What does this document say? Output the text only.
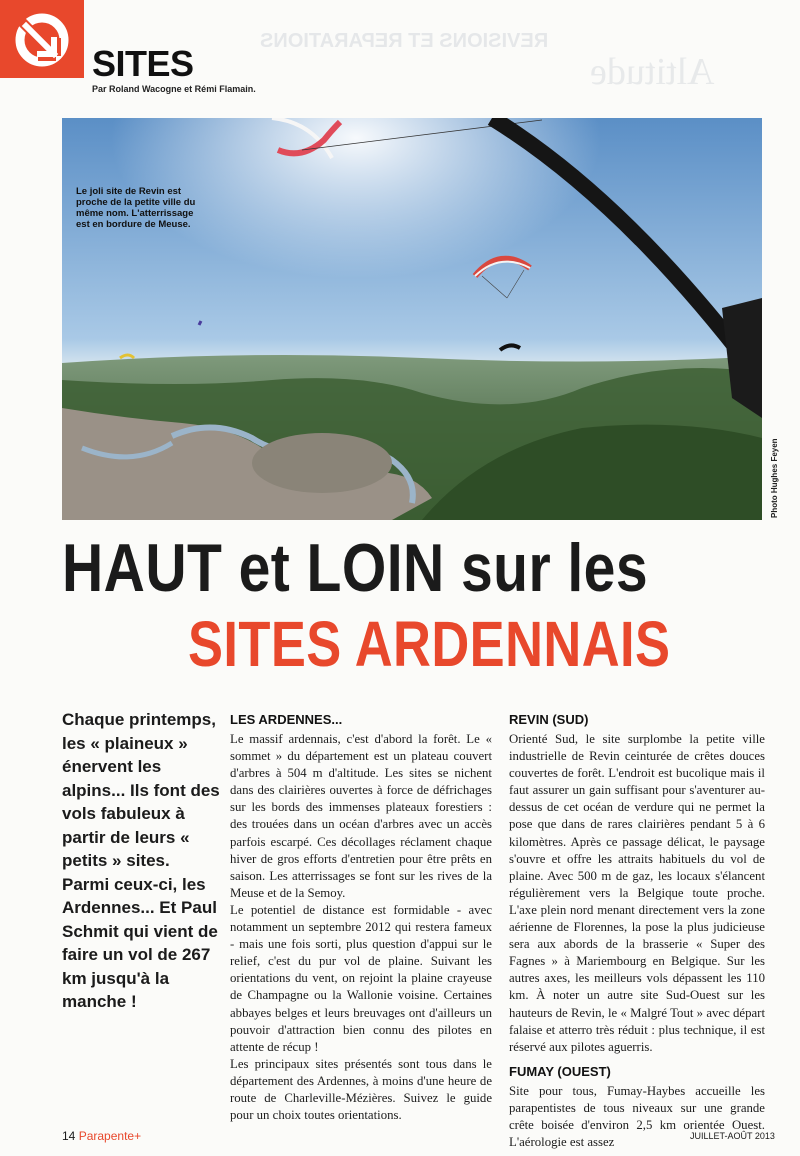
REVISIONS ET REPARATIONS
Altitude
SITES
Par Roland Wacogne et Rémi Flamain.
Le joli site de Revin est proche de la petite ville du même nom. L'atterrissage est en bordure de Meuse.
Photo Hughes Feyen
HAUT et LOIN sur les
SITES ARDENNAIS
Chaque printemps, les « plaineux » énervent les alpins... Ils font des vols fabuleux à partir de leurs « petits » sites. Parmi ceux-ci, les Ardennes... Et Paul Schmit qui vient de faire un vol de 267 km jusqu'à la manche !
LES ARDENNES...

Le massif ardennais, c'est d'abord la forêt. Le « sommet » du département est un plateau couvert d'arbres à 504 m d'altitude. Les sites se nichent dans des clairières ouvertes à force de défrichages sur les bords des immenses plateaux forestiers : des trouées dans un océan d'arbres avec un accès parfois escarpé. Ces décollages réclament chaque hiver de gros efforts d'entretien pour être prêts en saison. Les atterrissages se font sur les rives de la Meuse et de la Semoy.

Le potentiel de distance est formidable - avec notamment un septembre 2012 qui restera fameux - mais une fois sorti, plus question d'appui sur le relief, c'est du pur vol de plaine. Suivant les orientations du vent, on rejoint la plaine crayeuse de Champagne ou la Wallonie voisine. Certaines abbayes belges et leurs breuvages ont d'ailleurs un pouvoir d'attraction bien connu des pilotes en attente de récup !

Les principaux sites présentés sont tous dans le département des Ardennes, à moins d'une heure de route de Charleville-Mézières. Suivez le guide pour un choix toutes orientations.

REVIN (SUD)

Orienté Sud, le site surplombe la petite ville industrielle de Revin ceinturée de crêtes douces couvertes de forêt. L'endroit est bucolique mais il faut assurer un gain suffisant pour s'aventurer au-dessus de cet océan de verdure qui ne permet la pose que dans de rares clairières pendant 5 à 6 kilomètres. Après ce passage délicat, le paysage s'ouvre et offre les attraits habituels du vol de plaine. Avec 500 m de gaz, les locaux s'élancent régulièrement vers la Belgique toute proche. L'axe plein nord menant directement vers la zone aérienne de Florennes, la pose la plus judicieuse sera aux abords de la brasserie « Super des Fagnes » à Mariembourg en Belgique. Sur les autres axes, les meilleurs vols dépassent les 110 km. À noter un autre site Sud-Ouest sur les hauteurs de Revin, le « Malgré Tout » avec départ falaise et atterro très réduit : plus technique, il est réservé aux pilotes aguerris.

FUMAY (OUEST)

Site pour tous, Fumay-Haybes accueille les parapentistes de tous niveaux sur une grande crête boisée d'environ 2,5 km orientée Ouest. L'aérologie est assez

14 Parapente+	JUILLET-AOÛT 2013
